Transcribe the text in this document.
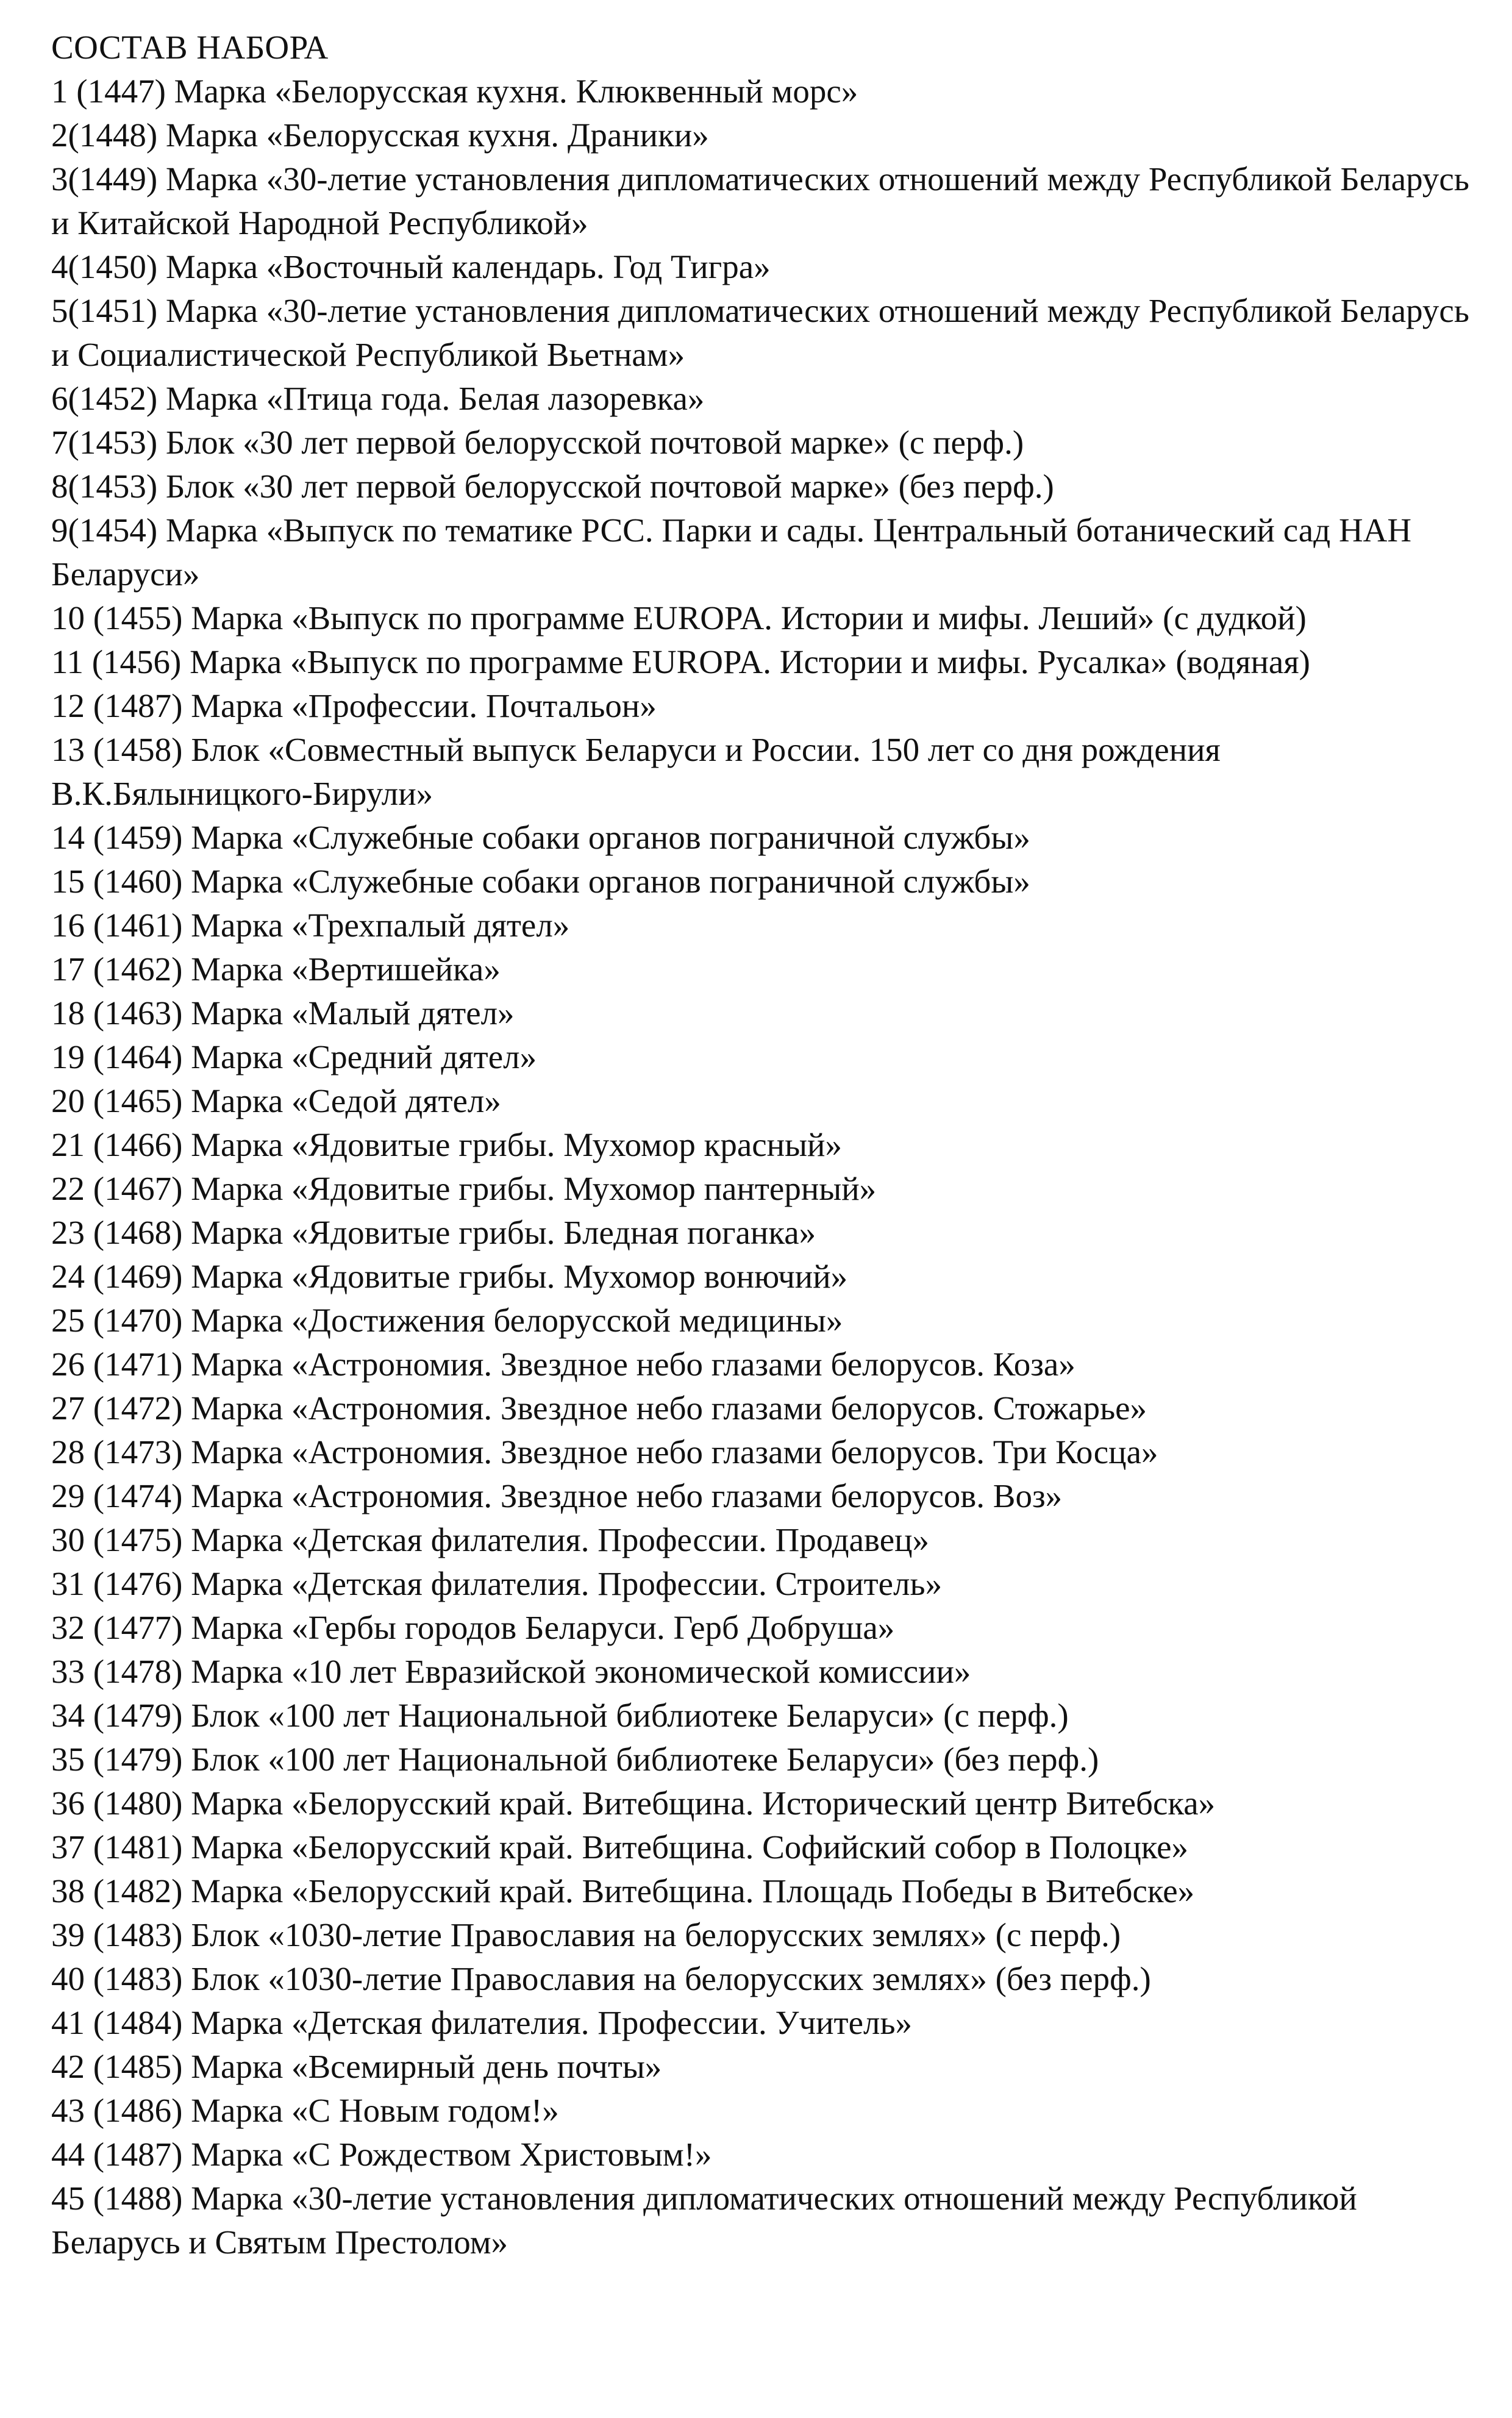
СОСТАВ НАБОРА
1 (1447) Марка «Белорусская кухня. Клюквенный морс»
2(1448) Марка «Белорусская кухня. Драники»
3(1449) Марка «30-летие установления дипломатических отношений между Республикой Беларусь и Китайской Народной Республикой»
4(1450) Марка «Восточный календарь. Год Тигра»
5(1451) Марка «30-летие установления дипломатических отношений между Республикой Беларусь и Социалистической Республикой Вьетнам»
6(1452) Марка «Птица года. Белая лазоревка»
7(1453) Блок «30 лет первой белорусской почтовой марке» (с перф.)
8(1453) Блок «30 лет первой белорусской почтовой марке» (без перф.)
9(1454) Марка «Выпуск по тематике РСС. Парки и сады. Центральный ботанический сад НАН Беларуси»
10 (1455) Марка «Выпуск по программе EUROPA. Истории и мифы. Леший» (с дудкой)
11 (1456) Марка «Выпуск по программе EUROPA. Истории и мифы. Русалка» (водяная)
12 (1487) Марка «Профессии. Почтальон»
13 (1458) Блок «Совместный выпуск Беларуси и России. 150 лет со дня рождения В.К.Бялыницкого-Бирули»
14 (1459) Марка «Служебные собаки органов пограничной службы»
15 (1460) Марка «Служебные собаки органов пограничной службы»
16 (1461) Марка «Трехпалый дятел»
17 (1462) Марка «Вертишейка»
18 (1463) Марка «Малый дятел»
19 (1464) Марка «Средний дятел»
20 (1465) Марка «Седой дятел»
21 (1466) Марка «Ядовитые грибы. Мухомор красный»
22 (1467) Марка «Ядовитые грибы. Мухомор пантерный»
23 (1468) Марка «Ядовитые грибы. Бледная поганка»
24 (1469) Марка «Ядовитые грибы. Мухомор вонючий»
25 (1470) Марка «Достижения белорусской медицины»
26 (1471) Марка «Астрономия. Звездное небо глазами белорусов. Коза»
27 (1472) Марка «Астрономия. Звездное небо глазами белорусов. Стожарье»
28 (1473) Марка «Астрономия. Звездное небо глазами белорусов. Три Косца»
29 (1474) Марка «Астрономия. Звездное небо глазами белорусов. Воз»
30 (1475) Марка «Детская филателия. Профессии. Продавец»
31 (1476) Марка «Детская филателия. Профессии. Строитель»
32 (1477) Марка «Гербы городов Беларуси. Герб Добруша»
33 (1478) Марка «10 лет Евразийской экономической комиссии»
34 (1479) Блок «100 лет Национальной библиотеке Беларуси» (с перф.)
35 (1479) Блок «100 лет Национальной библиотеке Беларуси» (без перф.)
36 (1480) Марка «Белорусский край. Витебщина. Исторический центр Витебска»
37 (1481) Марка «Белорусский край. Витебщина. Софийский собор в Полоцке»
38 (1482) Марка «Белорусский край. Витебщина. Площадь Победы в Витебске»
39 (1483) Блок «1030-летие Православия на белорусских землях» (с перф.)
40 (1483) Блок «1030-летие Православия на белорусских землях» (без перф.)
41 (1484) Марка «Детская филателия. Профессии. Учитель»
42 (1485) Марка «Всемирный день почты»
43 (1486) Марка «С Новым годом!»
44 (1487) Марка «С Рождеством Христовым!»
45 (1488) Марка «30-летие установления дипломатических отношений между Республикой Беларусь и Святым Престолом»
